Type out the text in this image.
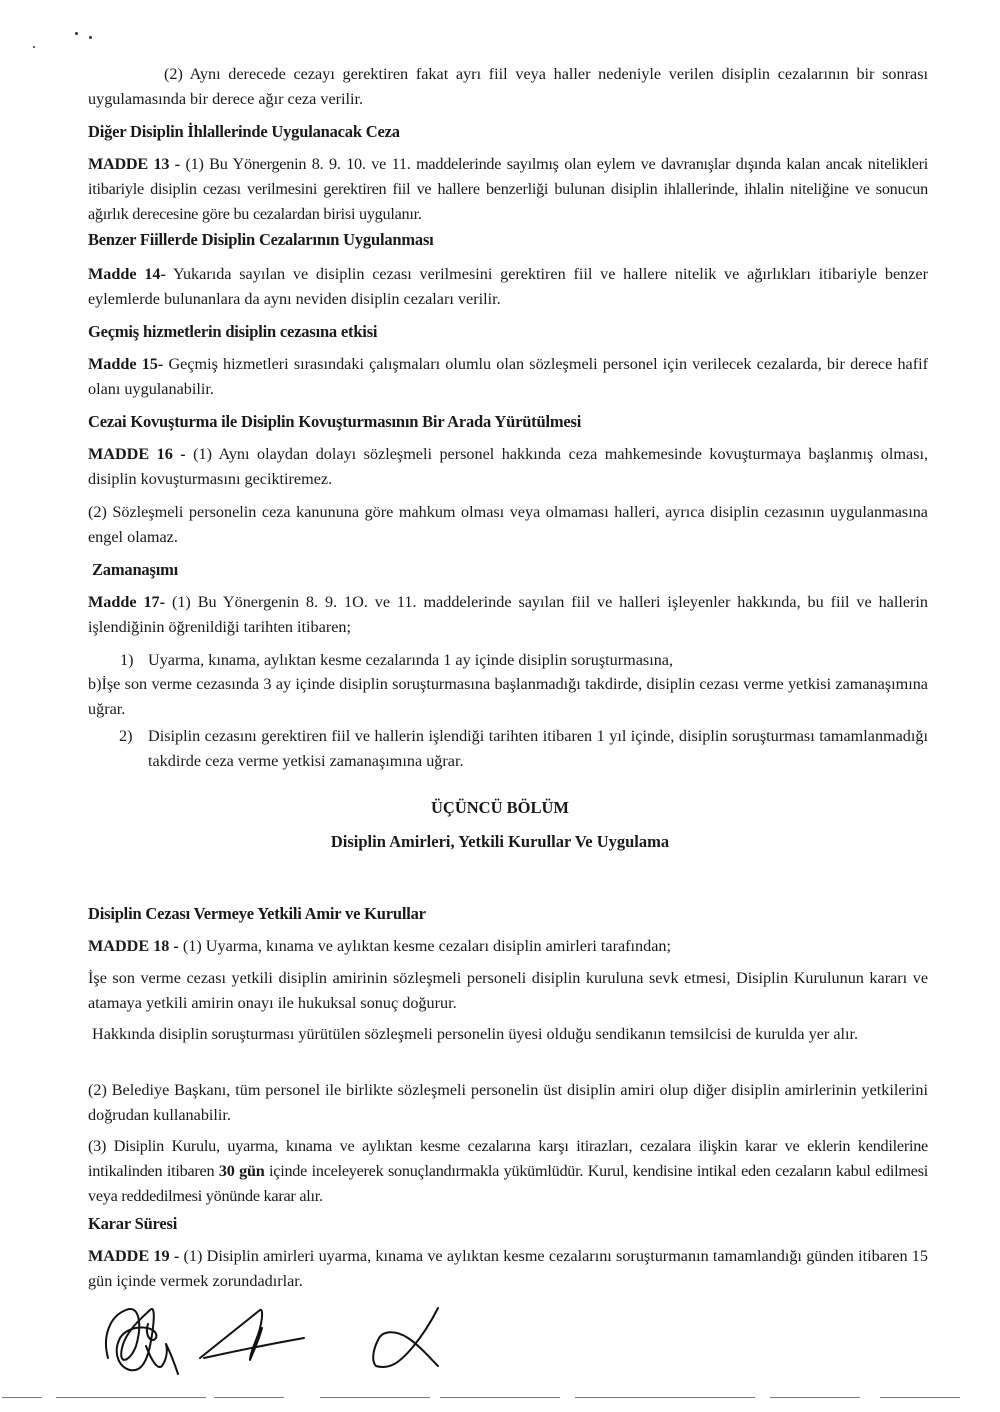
(2) Aynı derecede cezayı gerektiren fakat ayrı fiil veya haller nedeniyle verilen disiplin cezalarının bir sonrası uygulamasında bir derece ağır ceza verilir.
Diğer Disiplin İhlallerinde Uygulanacak Ceza
MADDE 13 - (1) Bu Yönergenin 8. 9. 10. ve 11. maddelerinde sayılmış olan eylem ve davranışlar dışında kalan ancak nitelikleri itibariyle disiplin cezası verilmesini gerektiren fiil ve hallere benzerliği bulunan disiplin ihlallerinde, ihlalin niteliğine ve sonucun ağırlık derecesine göre bu cezalardan birisi uygulanır.
Benzer Fiillerde Disiplin Cezalarının Uygulanması
Madde 14- Yukarıda sayılan ve disiplin cezası verilmesini gerektiren fiil ve hallere nitelik ve ağırlıkları itibariyle benzer eylemlerde bulunanlara da aynı neviden disiplin cezaları verilir.
Geçmiş hizmetlerin disiplin cezasına etkisi
Madde 15- Geçmiş hizmetleri sırasındaki çalışmaları olumlu olan sözleşmeli personel için verilecek cezalarda, bir derece hafif olanı uygulanabilir.
Cezai Kovuşturma ile Disiplin Kovuşturmasının Bir Arada Yürütülmesi
MADDE 16 - (1) Aynı olaydan dolayı sözleşmeli personel hakkında ceza mahkemesinde kovuşturmaya başlanmış olması, disiplin kovuşturmasını geciktiremez.
(2) Sözleşmeli personelin ceza kanununa göre mahkum olması veya olmaması halleri, ayrıca disiplin cezasının uygulanmasına engel olamaz.
Zamanaşımı
Madde 17- (1) Bu Yönergenin 8. 9. 1O. ve 11. maddelerinde sayılan fiil ve halleri işleyenler hakkında, bu fiil ve hallerin işlendiğinin öğrenildiği tarihten itibaren;
1) Uyarma, kınama, aylıktan kesme cezalarında 1 ay içinde disiplin soruşturmasına,
b)İşe son verme cezasında 3 ay içinde disiplin soruşturmasına başlanmadığı takdirde, disiplin cezası verme yetkisi zamanaşımına uğrar.
2) Disiplin cezasını gerektiren fiil ve hallerin işlendiği tarihten itibaren 1 yıl içinde, disiplin soruşturması tamamlanmadığı takdirde ceza verme yetkisi zamanaşımına uğrar.
ÜÇÜNCÜ BÖLÜM
Disiplin Amirleri, Yetkili Kurullar Ve Uygulama
Disiplin Cezası Vermeye Yetkili Amir ve Kurullar
MADDE 18 - (1) Uyarma, kınama ve aylıktan kesme cezaları disiplin amirleri tarafından;
İşe son verme cezası yetkili disiplin amirinin sözleşmeli personeli disiplin kuruluna sevk etmesi, Disiplin Kurulunun kararı ve atamaya yetkili amirin onayı ile hukuksal sonuç doğurur.
Hakkında disiplin soruşturması yürütülen sözleşmeli personelin üyesi olduğu sendikanın temsilcisi de kurulda yer alır.
(2) Belediye Başkanı, tüm personel ile birlikte sözleşmeli personelin üst disiplin amiri olup diğer disiplin amirlerinin yetkilerini doğrudan kullanabilir.
(3) Disiplin Kurulu, uyarma, kınama ve aylıktan kesme cezalarına karşı itirazları, cezalara ilişkin karar ve eklerin kendilerine intikalinden itibaren 30 gün içinde inceleyerek sonuçlandırmakla yükümlüdür. Kurul, kendisine intikal eden cezaların kabul edilmesi veya reddedilmesi yönünde karar alır.
Karar Süresi
MADDE 19 - (1) Disiplin amirleri uyarma, kınama ve aylıktan kesme cezalarını soruşturmanın tamamlandığı günden itibaren 15 gün içinde vermek zorundadırlar.
